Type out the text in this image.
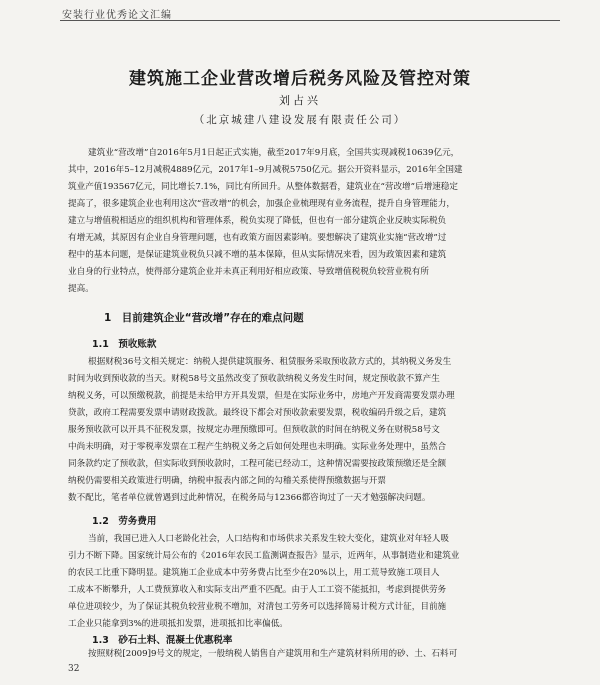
安装行业优秀论文汇编
建筑施工企业营改增后税务风险及管控对策
刘占兴
（北京城建八建设发展有限责任公司）
建筑业“营改增”自2016年5月1日起正式实施，截至2017年9月底，全国共实现减税10639亿元，
其中，2016年5–12月减税4889亿元，2017年1–9月减税5750亿元。据公开资料显示，2016年全国建
筑业产值193567亿元，同比增长7.1%，同比有所回升。从整体数据看，建筑业在“营改增”后增速稳定
提高了，很多建筑企业也利用这次“营改增”的机会，加强企业梳理现有业务流程，提升自身管理能力，
建立与增值税相适应的组织机构和管理体系，税负实现了降低，但也有一部分建筑企业反映实际税负
有增无减，其原因有企业自身管理问题，也有政策方面因素影响。要想解决了建筑业实施“营改增”过
程中的基本问题，是保证建筑业税负只减不增的基本保障，但从实际情况来看，因为政策因素和建筑
业自身的行业特点，使得部分建筑企业并未真正利用好相应政策、导致增值税税负较营业税有所
提高。
1　目前建筑企业“营改增”存在的难点问题
1.1　预收账款
根据财税36号文相关规定：纳税人提供建筑服务、租赁服务采取预收款方式的，其纳税义务发生
时间为收到预收款的当天。财税58号文虽然改变了预收款纳税义务发生时间，规定预收款不算产生
纳税义务，可以预缴税款，前提是未给甲方开具发票，但是在实际业务中，房地产开发商需要发票办理
贷款，政府工程需要发票申请财政拨款。最终设下都会对预收款索要发票，税收编码升级之后，建筑
服务预收款可以开具不征税发票，按规定办理预缴即可。但预收款的时间在纳税义务在财税58号文
中尚未明确，对于零税率发票在工程产生纳税义务之后如何处理也未明确。实际业务处理中，虽然合
同条款约定了预收款，但实际收到预收款时，工程可能已经动工，这种情况需要按政策预缴还是全额
纳税仍需要相关政策进行明确，纳税申报表内部之间的勾稽关系使得预缴数据与开票
数不配比，笔者单位就曾遇到过此种情况，在税务局与12366都咨询过了一天才勉强解决问题。
1.2　劳务费用
当前，我国已进入人口老龄化社会，人口结构和市场供求关系发生较大变化，建筑业对年轻人吸
引力不断下降。国家统计局公布的《2016年农民工监测调查报告》显示，近两年，从事制造业和建筑业
的农民工比重下降明显。建筑施工企业成本中劳务费占比至少在20%以上，用工荒导致施工项目人
工成本不断攀升，人工费预算收入和实际支出严重不匹配。由于人工工资不能抵扣，考虑到提供劳务
单位进项较少，为了保证其税负较营业税不增加，对清包工劳务可以选择简易计税方式计征，目前施
工企业只能拿到3%的进项抵扣发票，进项抵扣比率偏低。
1.3　砂石土料、混凝土优惠税率
按照财税[2009]9号文的规定，一般纳税人销售自产建筑用和生产建筑材料所用的砂、土、石料可
32
